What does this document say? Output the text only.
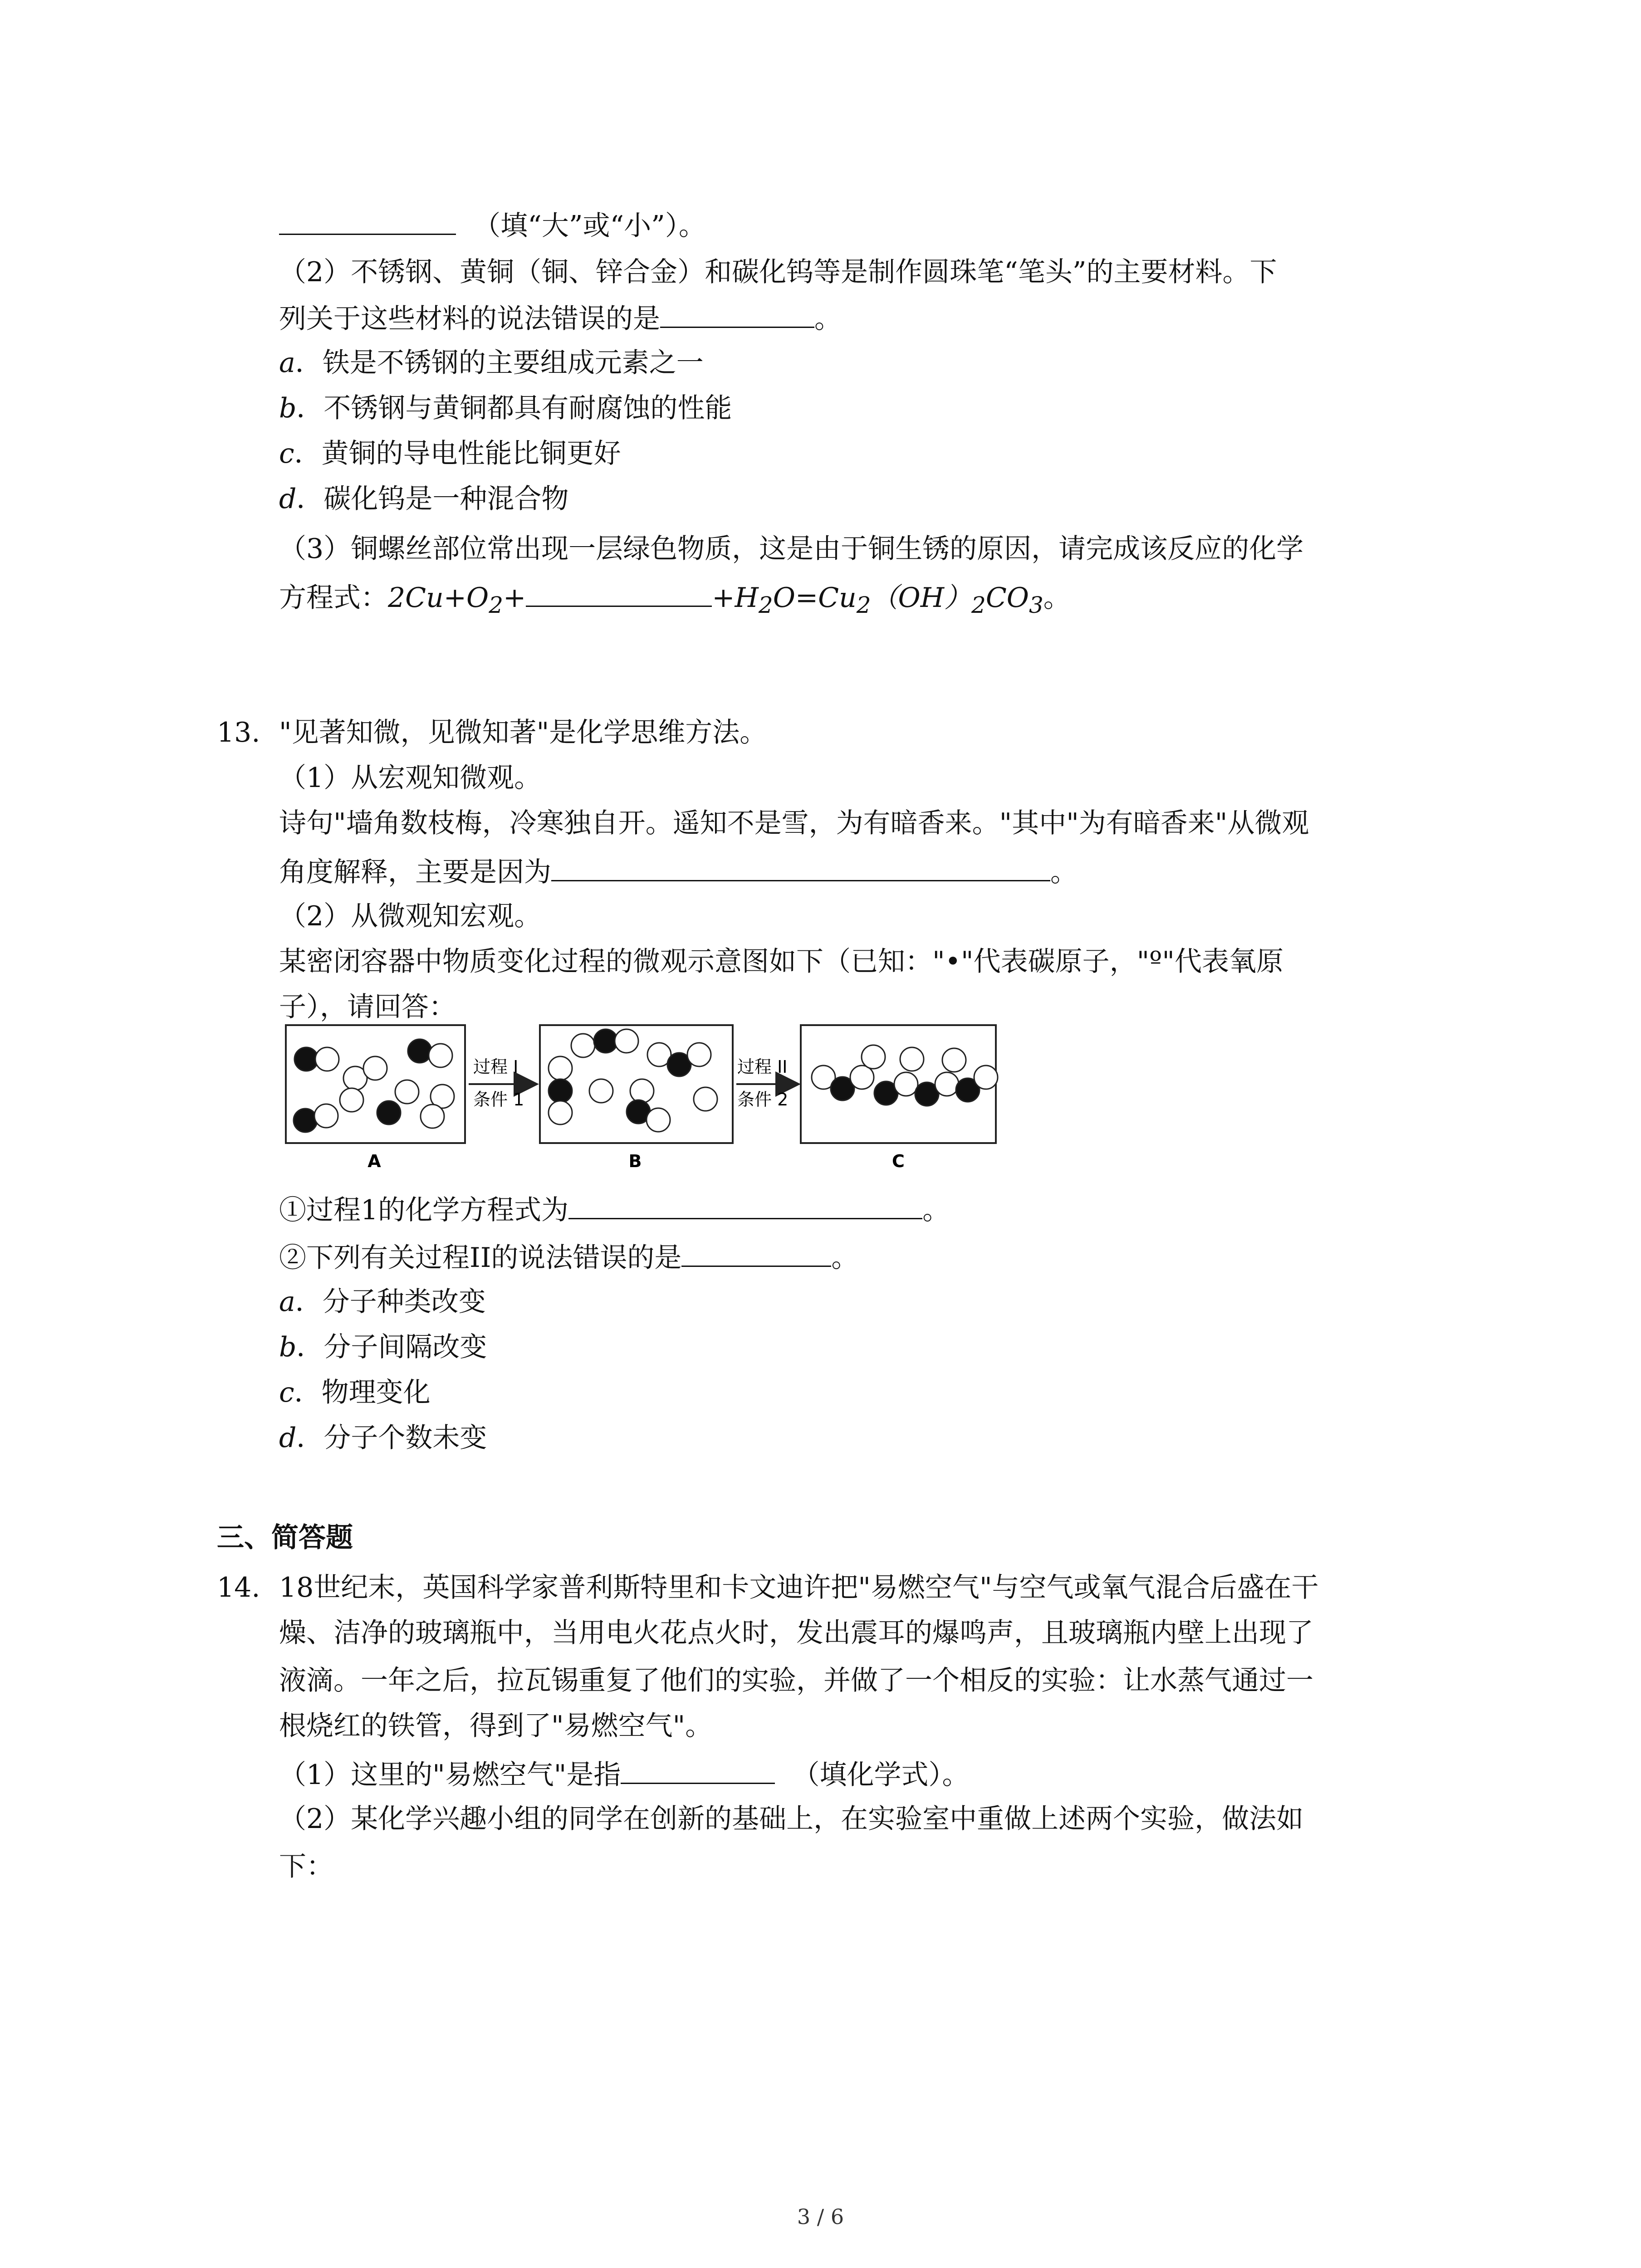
（填“大”或“小”）。
（2）不锈钢、黄铜（铜、锌合金）和碳化钨等是制作圆珠笔“笔头”的主要材料。下
列关于这些材料的说法错误的是	。
a．铁是不锈钢的主要组成元素之一
b．不锈钢与黄铜都具有耐腐蚀的性能
c．黄铜的导电性能比铜更好
d．碳化钨是一种混合物
（3）铜螺丝部位常出现一层绿色物质，这是由于铜生锈的原因，请完成该反应的化学
方程式：$2Cu+O_2+$	$+H_2O=Cu_2(OH)_2CO_3$。
13. "见著知微，见微知著"是化学思维方法。
（1）从宏观知微观。
诗句"墙角数枝梅，冷寒独自开。遥知不是雪，为有暗香来。"其中"为有暗香来"从微观
角度解释，主要是因为	。
（2）从微观知宏观。
某密闭容器中物质变化过程的微观示意图如下（已知："•"代表碳原子，"º"代表氧原
子），请回答：
过程 I
条件 1
过程 II
条件 2
A	B	C
①过程1的化学方程式为	。
②下列有关过程II的说法错误的是	。
a．分子种类改变
b．分子间隔改变
c．物理变化
d．分子个数未变
三、简答题
14. 18世纪末，英国科学家普利斯特里和卡文迪许把"易燃空气"与空气或氧气混合后盛在干
燥、洁净的玻璃瓶中，当用电火花点火时，发出震耳的爆鸣声，且玻璃瓶内壁上出现了
液滴。一年之后，拉瓦锡重复了他们的实验，并做了一个相反的实验：让水蒸气通过一
根烧红的铁管，得到了"易燃空气"。
（1）这里的"易燃空气"是指	（填化学式）。
（2）某化学兴趣小组的同学在创新的基础上，在实验室中重做上述两个实验，做法如
下：
3 / 6
